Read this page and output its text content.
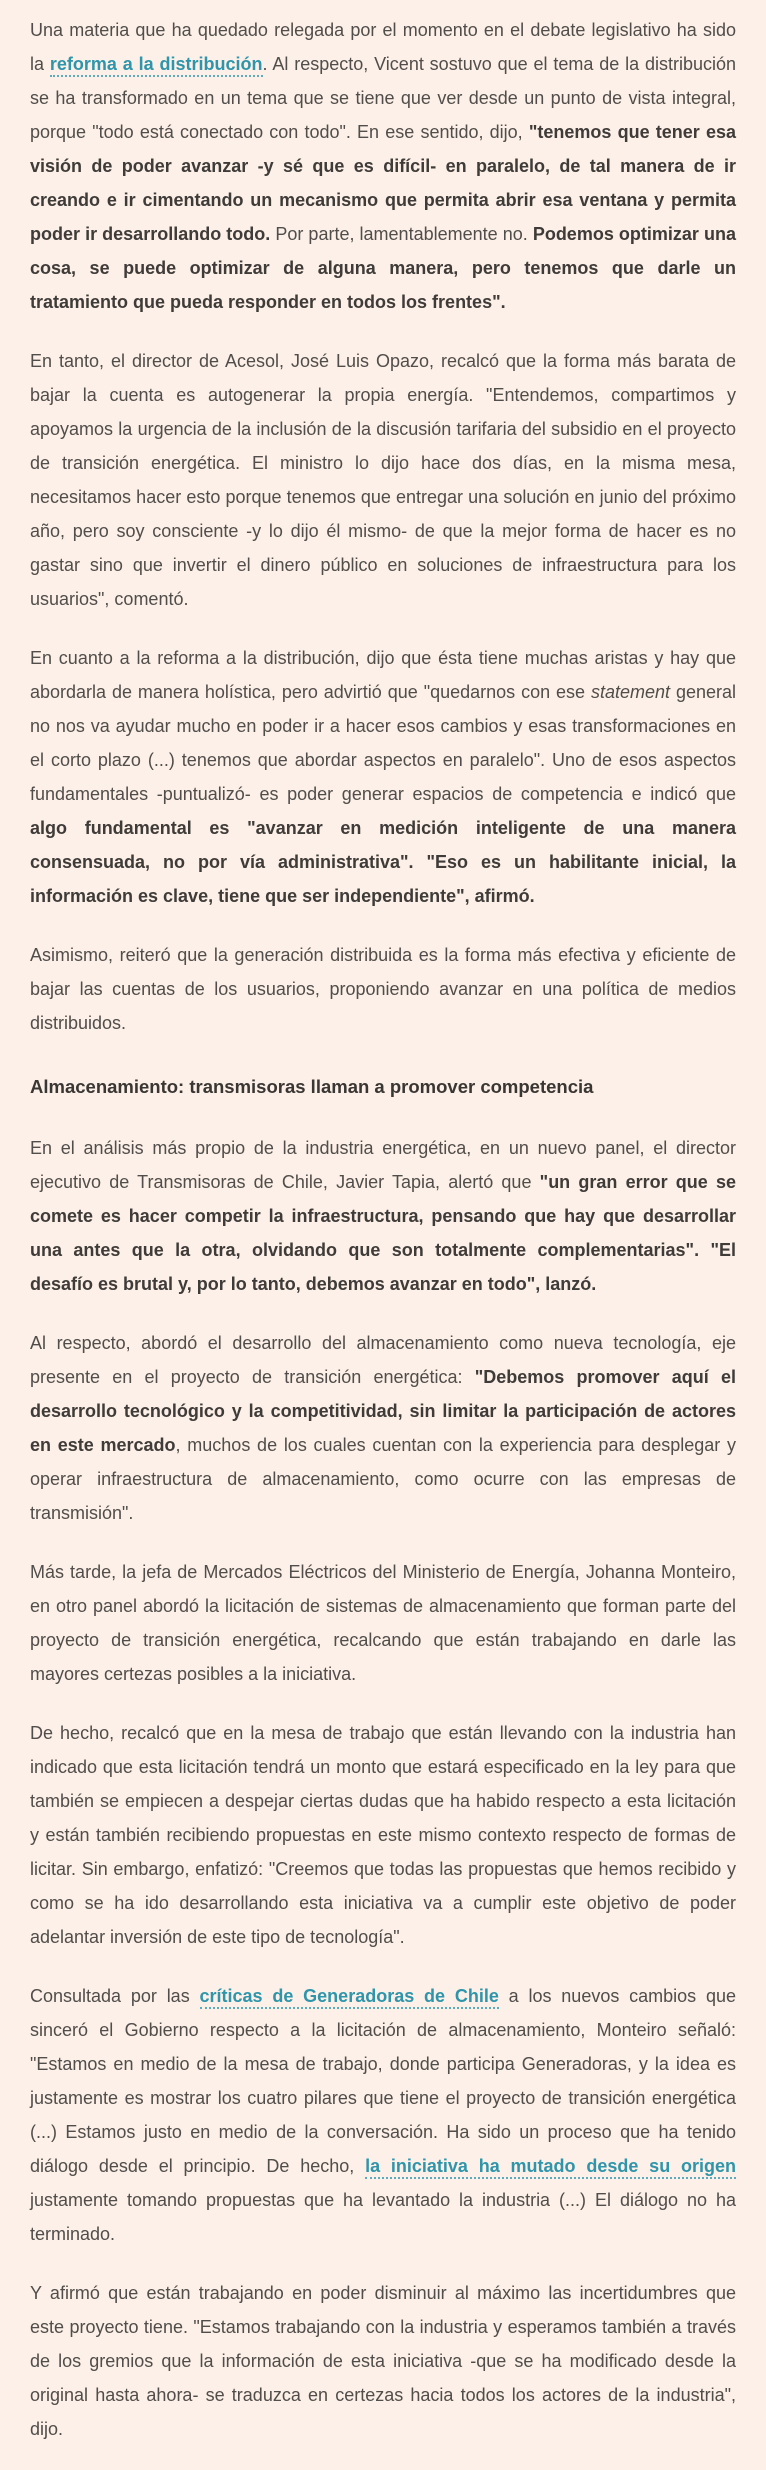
Una materia que ha quedado relegada por el momento en el debate legislativo ha sido la reforma a la distribución. Al respecto, Vicent sostuvo que el tema de la distribución se ha transformado en un tema que se tiene que ver desde un punto de vista integral, porque "todo está conectado con todo". En ese sentido, dijo, "tenemos que tener esa visión de poder avanzar -y sé que es difícil- en paralelo, de tal manera de ir creando e ir cimentando un mecanismo que permita abrir esa ventana y permita poder ir desarrollando todo. Por parte, lamentablemente no. Podemos optimizar una cosa, se puede optimizar de alguna manera, pero tenemos que darle un tratamiento que pueda responder en todos los frentes".

En tanto, el director de Acesol, José Luis Opazo, recalcó que la forma más barata de bajar la cuenta es autogenerar la propia energía. "Entendemos, compartimos y apoyamos la urgencia de la inclusión de la discusión tarifaria del subsidio en el proyecto de transición energética. El ministro lo dijo hace dos días, en la misma mesa, necesitamos hacer esto porque tenemos que entregar una solución en junio del próximo año, pero soy consciente -y lo dijo él mismo- de que la mejor forma de hacer es no gastar sino que invertir el dinero público en soluciones de infraestructura para los usuarios", comentó.

En cuanto a la reforma a la distribución, dijo que ésta tiene muchas aristas y hay que abordarla de manera holística, pero advirtió que "quedarnos con ese statement general no nos va ayudar mucho en poder ir a hacer esos cambios y esas transformaciones en el corto plazo (...) tenemos que abordar aspectos en paralelo". Uno de esos aspectos fundamentales -puntualizó- es poder generar espacios de competencia e indicó que algo fundamental es "avanzar en medición inteligente de una manera consensuada, no por vía administrativa". "Eso es un habilitante inicial, la información es clave, tiene que ser independiente", afirmó.

Asimismo, reiteró que la generación distribuida es la forma más efectiva y eficiente de bajar las cuentas de los usuarios, proponiendo avanzar en una política de medios distribuidos.

Almacenamiento: transmisoras llaman a promover competencia

En el análisis más propio de la industria energética, en un nuevo panel, el director ejecutivo de Transmisoras de Chile, Javier Tapia, alertó que "un gran error que se comete es hacer competir la infraestructura, pensando que hay que desarrollar una antes que la otra, olvidando que son totalmente complementarias". "El desafío es brutal y, por lo tanto, debemos avanzar en todo", lanzó.

Al respecto, abordó el desarrollo del almacenamiento como nueva tecnología, eje presente en el proyecto de transición energética: "Debemos promover aquí el desarrollo tecnológico y la competitividad, sin limitar la participación de actores en este mercado, muchos de los cuales cuentan con la experiencia para desplegar y operar infraestructura de almacenamiento, como ocurre con las empresas de transmisión".

Más tarde, la jefa de Mercados Eléctricos del Ministerio de Energía, Johanna Monteiro, en otro panel abordó la licitación de sistemas de almacenamiento que forman parte del proyecto de transición energética, recalcando que están trabajando en darle las mayores certezas posibles a la iniciativa.

De hecho, recalcó que en la mesa de trabajo que están llevando con la industria han indicado que esta licitación tendrá un monto que estará especificado en la ley para que también se empiecen a despejar ciertas dudas que ha habido respecto a esta licitación y están también recibiendo propuestas en este mismo contexto respecto de formas de licitar. Sin embargo, enfatizó: "Creemos que todas las propuestas que hemos recibido y como se ha ido desarrollando esta iniciativa va a cumplir este objetivo de poder adelantar inversión de este tipo de tecnología".

Consultada por las críticas de Generadoras de Chile a los nuevos cambios que sinceró el Gobierno respecto a la licitación de almacenamiento, Monteiro señaló: "Estamos en medio de la mesa de trabajo, donde participa Generadoras, y la idea es justamente es mostrar los cuatro pilares que tiene el proyecto de transición energética (...) Estamos justo en medio de la conversación. Ha sido un proceso que ha tenido diálogo desde el principio. De hecho, la iniciativa ha mutado desde su origen justamente tomando propuestas que ha levantado la industria (...) El diálogo no ha terminado.

Y afirmó que están trabajando en poder disminuir al máximo las incertidumbres que este proyecto tiene. "Estamos trabajando con la industria y esperamos también a través de los gremios que la información de esta iniciativa -que se ha modificado desde la original hasta ahora- se traduzca en certezas hacia todos los actores de la industria", dijo.
